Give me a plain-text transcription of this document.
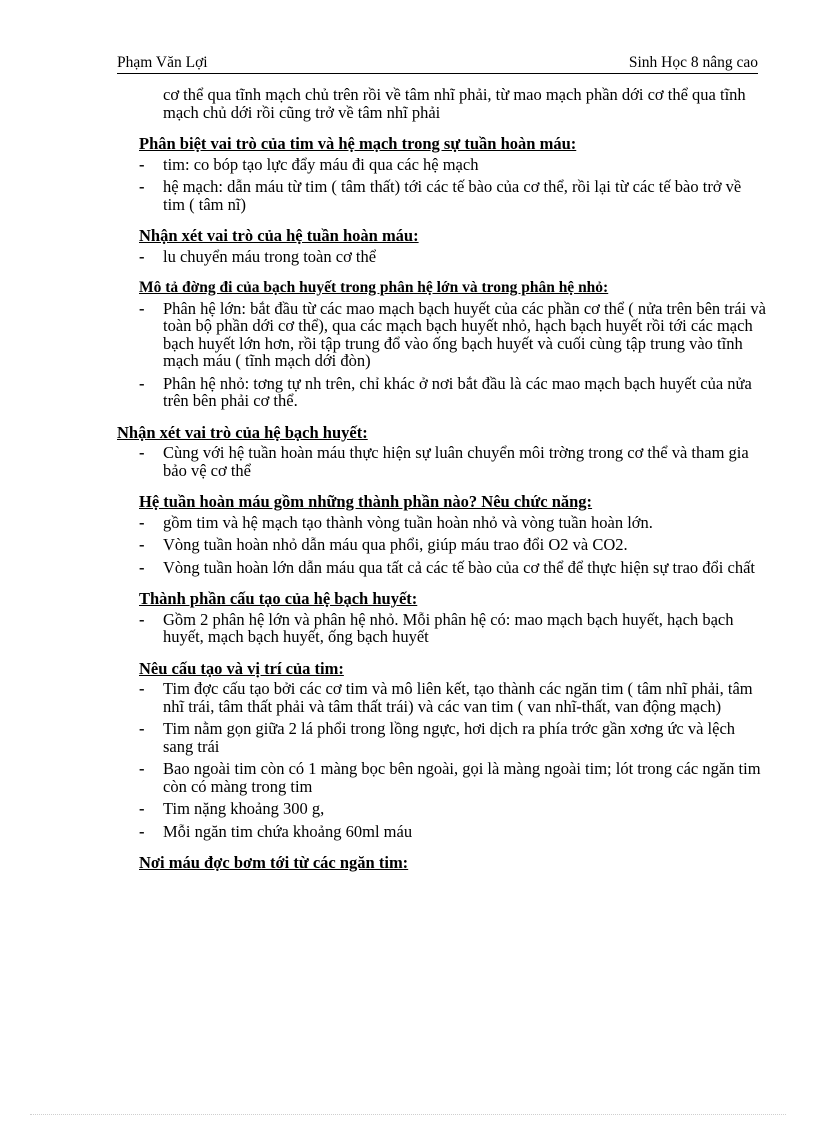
Phạm Văn Lợi	Sinh Học 8 nâng cao

cơ thể qua tĩnh mạch chủ trên rồi về tâm nhĩ phải, từ mao mạch phần dới cơ thể qua tĩnh mạch chủ dới rồi cũng trở về tâm nhĩ phải

Phân biệt vai trò của tim và hệ mạch trong sự tuần hoàn máu:
- tim: co bóp tạo lực đẩy máu đi qua các hệ mạch
- hệ mạch: dẫn máu từ tim ( tâm thất) tới các tế bào của cơ thể, rồi lại từ các tế bào trở về tim ( tâm nĩ)
Nhận xét vai trò của hệ tuần hoàn máu:
- lu chuyển máu trong toàn cơ thể
Mô tả đờng đi của bạch huyết trong phân hệ lớn và trong phân hệ nhỏ:
- Phân hệ lớn: bắt đầu từ các mao mạch bạch huyết của các phần cơ thể ( nửa trên bên trái và toàn bộ phần dới cơ thể), qua các mạch bạch huyết nhỏ, hạch bạch huyết rồi tới các mạch bạch huyết lớn hơn, rồi tập trung đổ vào ống bạch huyết và cuối cùng tập trung vào tĩnh mạch máu ( tĩnh mạch dới đòn)
- Phân hệ nhỏ: tơng tự nh trên, chỉ khác ở nơi bắt đầu là các mao mạch bạch huyết của nửa trên bên phải cơ thể.
Nhận xét vai trò của hệ bạch huyết:
- Cùng với hệ tuần hoàn máu thực hiện sự luân chuyển môi trờng trong cơ thể và tham gia bảo vệ cơ thể
Hệ tuần hoàn máu gồm những thành phần nào? Nêu chức năng:
- gồm tim và hệ mạch tạo thành vòng tuần hoàn nhỏ và vòng tuần hoàn lớn.
- Vòng tuần hoàn nhỏ dẫn máu qua phổi, giúp máu trao đổi O2 và CO2.
- Vòng tuần hoàn lớn dẫn máu qua tất cả các tế bào của cơ thể để thực hiện sự trao đổi chất
Thành phần cấu tạo của hệ bạch huyết:
- Gồm 2 phân hệ lớn và phân hệ nhỏ. Mỗi phân hệ có: mao mạch bạch huyết, hạch bạch huyết, mạch bạch huyết, ống bạch huyết
Nêu cấu tạo và vị trí của tim:
- Tim đợc cấu tạo bởi các cơ tim và mô liên kết, tạo thành các ngăn tim ( tâm nhĩ phải, tâm nhĩ trái, tâm thất phải và tâm thất trái) và các van tim ( van nhĩ-thất, van động mạch)
- Tim nằm gọn giữa 2 lá phổi trong lồng ngực, hơi dịch ra phía trớc gần xơng ức và lệch sang trái
- Bao ngoài tim còn có 1 màng bọc bên ngoài, gọi là màng ngoài tim; lót trong các ngăn tim còn có màng trong tim
- Tim nặng khoảng 300 g,
- Mỗi ngăn tim chứa khoảng 60ml máu
Nơi máu đợc bơm tới từ các ngăn tim:
